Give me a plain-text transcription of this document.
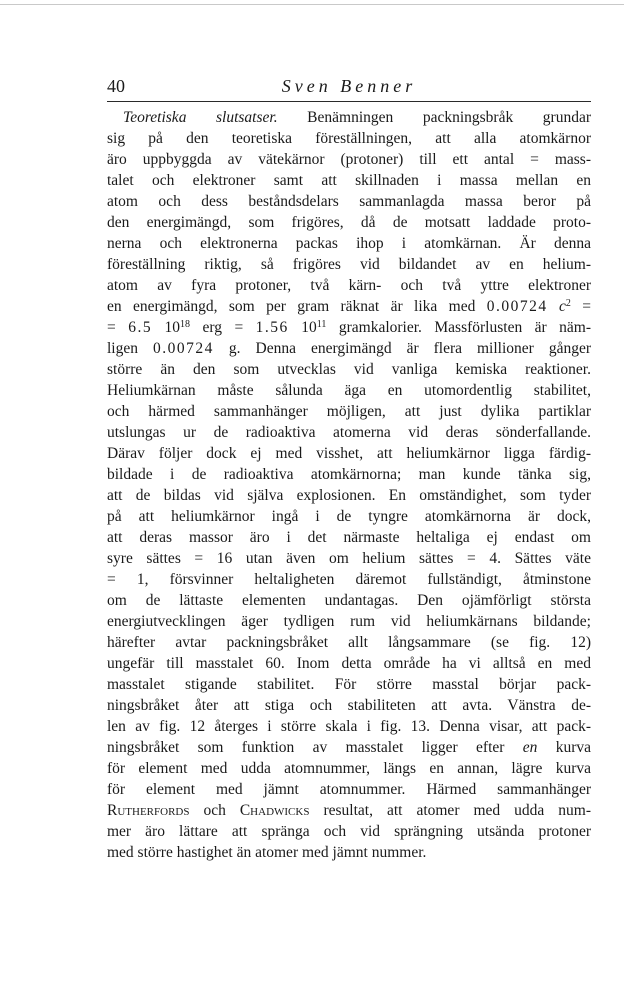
40	Sven Benner
Teoretiska slutsatser. Benämningen packningsbråk grundar
sig på den teoretiska föreställningen, att alla atomkärnor
äro uppbyggda av vätekärnor (protoner) till ett antal = mass-
talet och elektroner samt att skillnaden i massa mellan en
atom och dess beståndsdelars sammanlagda massa beror på
den energimängd, som frigöres, då de motsatt laddade proto-
nerna och elektronerna packas ihop i atomkärnan. Är denna
föreställning riktig, så frigöres vid bildandet av en helium-
atom av fyra protoner, två kärn- och två yttre elektroner
en energimängd, som per gram räknat är lika med 0.00724 $c^2$ =
= 6.5 $10^{18}$ erg = 1.56 $10^{11}$ gramkalorier. Massförlusten är näm-
ligen 0.00724 g. Denna energimängd är flera millioner gånger
större än den som utvecklas vid vanliga kemiska reaktioner.
Heliumkärnan måste sålunda äga en utomordentlig stabilitet,
och härmed sammanhänger möjligen, att just dylika partiklar
utslungas ur de radioaktiva atomerna vid deras sönderfallande.
Därav följer dock ej med visshet, att heliumkärnor ligga färdig-
bildade i de radioaktiva atomkärnorna; man kunde tänka sig,
att de bildas vid själva explosionen. En omständighet, som tyder
på att heliumkärnor ingå i de tyngre atomkärnorna är dock,
att deras massor äro i det närmaste heltaliga ej endast om
syre sättes = 16 utan även om helium sättes = 4. Sättes väte
= 1, försvinner heltaligheten däremot fullständigt, åtminstone
om de lättaste elementen undantagas. Den ojämförligt största
energiutvecklingen äger tydligen rum vid heliumkärnans bildande;
härefter avtar packningsbråket allt långsammare (se fig. 12)
ungefär till masstalet 60. Inom detta område ha vi alltså en med
masstalet stigande stabilitet. För större masstal börjar pack-
ningsbråket åter att stiga och stabiliteten att avta. Vänstra de-
len av fig. 12 återges i större skala i fig. 13. Denna visar, att pack-
ningsbråket som funktion av masstalet ligger efter en kurva
för element med udda atomnummer, längs en annan, lägre kurva
för element med jämnt atomnummer. Härmed sammanhänger
Rutherfords och Chadwicks resultat, att atomer med udda num-
mer äro lättare att spränga och vid sprängning utsända protoner
med större hastighet än atomer med jämnt nummer.
